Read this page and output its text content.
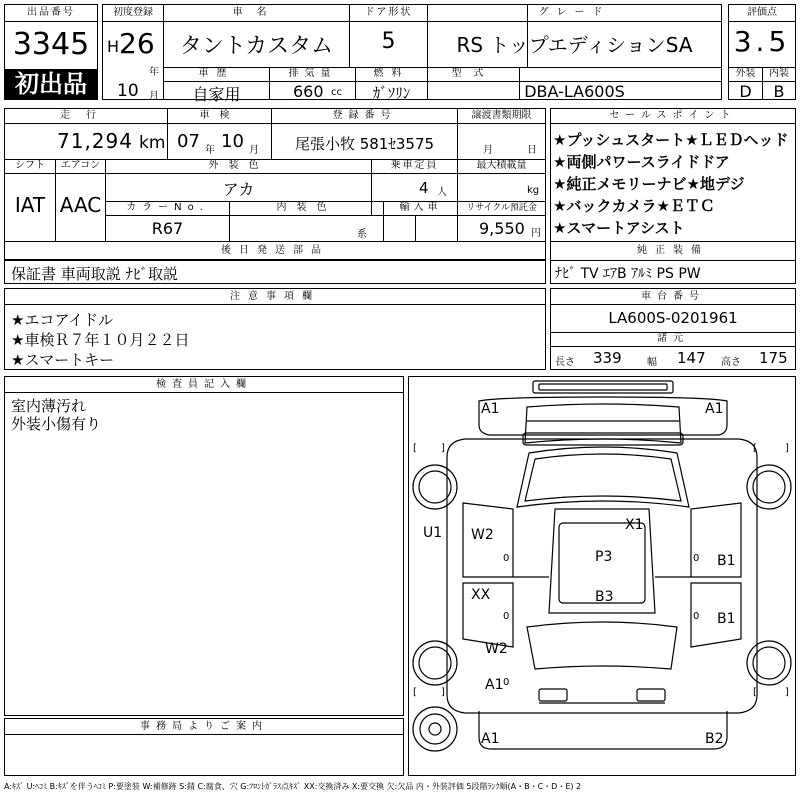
出品番号
3345
初出品
初度登録
H 26
年
10 月
車名
タントカスタム
ドア形状
5
グレード
RS トップエディションSA
車歴
自家用
排気量
660 cc
燃料
ｶﾞｿﾘﾝ
型式
DBA-LA600S
評価点
3.5
外装	内装
D	B
走行
71,294 km
車検
07 年 10 月
登録番号
尾張小牧 581ｾ3575
譲渡書類期限
月	日
シフト
IAT
エアコン
AAC
外装色
アカ
乗車定員
4 人
最大積載量
kg
カラーNo.
R67
内装色
系
輸入車	リサイクル預託金
9,550 円
後日発送部品
保証書 車両取説 ﾅﾋﾞ取説
セールスポイント
★プッシュスタート★ＬＥＤヘッド
★両側パワースライドドア
★純正メモリーナビ★地デジ
★バックカメラ★ＥＴＣ
★スマートアシスト
純正装備
ﾅﾋﾞ TV ｴｱB ｱﾙﾐ PS PW
注意事項欄
★エコアイドル
★車検Ｒ７年１０月２２日
★スマートキー
車台番号
LA600S-0201961
諸元
長さ 339	幅 147 高さ 175
検査員記入欄
室内薄汚れ
外装小傷有り
事務局よりご案内
A1	A1
U1 W2
X1
P3	B1
XX	B3
B1
W2
A1
A1	B2
0
0
0
0
0
[ ]	[	]
[ ]	[	]
A:ｷｽﾞ U:ﾍｺﾐ B:ｷｽﾞを伴うﾍｺﾐ P:要塗装 W:補修跡 S:錆 C:腐食、穴 G:ﾌﾛﾝﾄｶﾞﾗｽ点ｷｽﾞ XX:交換済み X:要交換 欠:欠品 内・外装評価 5段階ﾗﾝｸ順(A・B・C・D・E) 2
